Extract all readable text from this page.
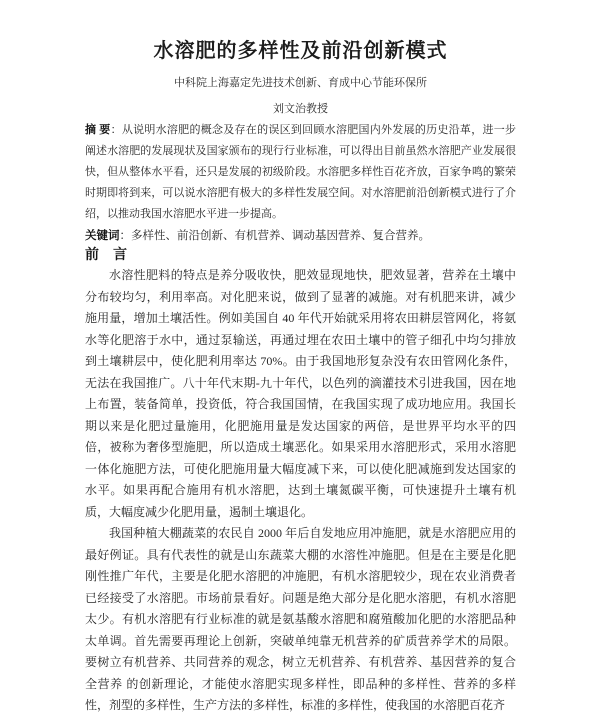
水溶肥的多样性及前沿创新模式

中科院上海嘉定先进技术创新、育成中心节能环保所

刘文治教授

摘 要：从说明水溶肥的概念及存在的误区到回顾水溶肥国内外发展的历史沿革，进一步阐述水溶肥的发展现状及国家颁布的现行行业标准，可以得出目前虽然水溶肥产业发展很快，但从整体水平看，还只是发展的初级阶段。水溶肥多样性百花齐放，百家争鸣的繁荣时期即将到来，可以说水溶肥有极大的多样性发展空间。对水溶肥前沿创新模式进行了介绍，以推动我国水溶肥水平进一步提高。

关键词：多样性、前沿创新、有机营养、调动基因营养、复合营养。

前　言

水溶性肥料的特点是养分吸收快，肥效显现地快，肥效显著，营养在土壤中分布较均匀，利用率高。对化肥来说，做到了显著的减施。对有机肥来讲，减少施用量，增加土壤活性。例如美国自 40 年代开始就采用将农田耕层管网化，将氨水等化肥溶于水中，通过泵输送，再通过埋在农田土壤中的管子细孔中均匀排放到土壤耕层中，使化肥利用率达 70%。由于我国地形复杂没有农田管网化条件，无法在我国推广。八十年代末期-九十年代，以色列的滴灌技术引进我国，因在地上布置，装备简单，投资低，符合我国国情，在我国实现了成功地应用。我国长期以来是化肥过量施用，化肥施用量是发达国家的两倍，是世界平均水平的四倍，被称为奢侈型施肥，所以造成土壤恶化。如果采用水溶肥形式，采用水溶肥一体化施肥方法，可使化肥施用量大幅度减下来，可以使化肥减施到发达国家的水平。如果再配合施用有机水溶肥，达到土壤氮碳平衡，可快速提升土壤有机质，大幅度减少化肥用量，遏制土壤退化。

我国种植大棚蔬菜的农民自 2000 年后自发地应用冲施肥，就是水溶肥应用的最好例证。具有代表性的就是山东蔬菜大棚的水溶性冲施肥。但是在主要是化肥刚性推广年代，主要是化肥水溶肥的冲施肥，有机水溶肥较少，现在农业消费者已经接受了水溶肥。市场前景看好。问题是绝大部分是化肥水溶肥，有机水溶肥太少。有机水溶肥有行业标准的就是氨基酸水溶肥和腐殖酸加化肥的水溶肥品种太单调。首先需要再理论上创新，突破单纯靠无机营养的矿质营养学术的局限。要树立有机营养、共同营养的观念，树立无机营养、有机营养、基因营养的复合全营养 的创新理论，才能使水溶肥实现多样性，即品种的多样性、营养的多样性，剂型的多样性，生产方法的多样性，标准的多样性，使我国的水溶肥百花齐
